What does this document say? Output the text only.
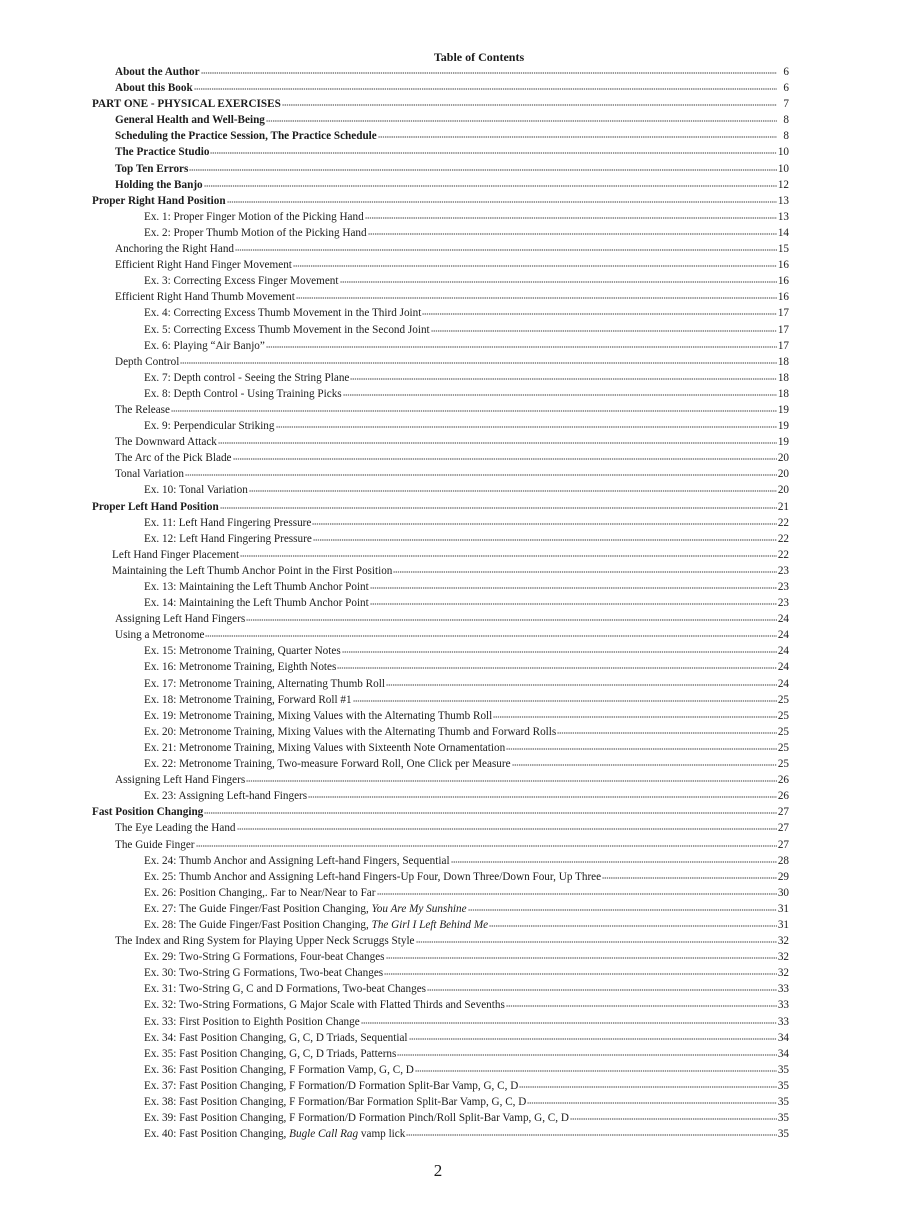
Table of Contents
About the Author	6
About this Book	6
PART ONE - PHYSICAL EXERCISES	7
General Health and Well-Being	8
Scheduling the Practice Session, The Practice Schedule	8
The Practice Studio	10
Top Ten Errors	10
Holding the Banjo	12
Proper Right Hand Position	13
Ex. 1: Proper Finger Motion of the Picking Hand	13
Ex. 2: Proper Thumb Motion of the Picking Hand	14
Anchoring the Right Hand	15
Efficient Right Hand Finger Movement	16
Ex. 3: Correcting Excess Finger Movement	16
Efficient Right Hand Thumb Movement	16
Ex. 4: Correcting Excess Thumb Movement in the Third Joint	17
Ex. 5: Correcting Excess Thumb Movement in the Second Joint	17
Ex. 6: Playing “Air Banjo”	17
Depth Control	18
Ex. 7: Depth control - Seeing the String Plane	18
Ex. 8: Depth Control - Using Training Picks	18
The Release	19
Ex. 9: Perpendicular Striking	19
The Downward Attack	19
The Arc of the Pick Blade	20
Tonal Variation	20
Ex. 10: Tonal Variation	20
Proper Left Hand Position	21
Ex. 11: Left Hand Fingering Pressure	22
Ex. 12: Left Hand Fingering Pressure	22
Left Hand Finger Placement	22
Maintaining the Left Thumb Anchor Point in the First Position	23
Ex. 13: Maintaining the Left Thumb Anchor Point	23
Ex. 14: Maintaining the Left Thumb Anchor Point	23
Assigning Left Hand Fingers	24
Using a Metronome	24
Ex. 15: Metronome Training, Quarter Notes	24
Ex. 16: Metronome Training, Eighth Notes	24
Ex. 17: Metronome Training, Alternating Thumb Roll	24
Ex. 18: Metronome Training, Forward Roll #1	25
Ex. 19: Metronome Training, Mixing Values with the Alternating Thumb Roll	25
Ex. 20: Metronome Training, Mixing Values with the Alternating Thumb and Forward Rolls	25
Ex. 21: Metronome Training, Mixing Values with Sixteenth Note Ornamentation	25
Ex. 22: Metronome Training, Two-measure Forward Roll, One Click per Measure	25
Assigning Left Hand Fingers	26
Ex. 23: Assigning Left-hand Fingers	26
Fast Position Changing	27
The Eye Leading the Hand	27
The Guide Finger	27
Ex. 24: Thumb Anchor and Assigning Left-hand Fingers, Sequential	28
Ex. 25: Thumb Anchor and Assigning Left-hand Fingers-Up Four, Down Three/Down Four, Up Three	29
Ex. 26: Position Changing,. Far to Near/Near to Far	30
Ex. 27: The Guide Finger/Fast Position Changing, You Are My Sunshine	31
Ex. 28: The Guide Finger/Fast Position Changing, The Girl I Left Behind Me	31
The Index and Ring System for Playing Upper Neck Scruggs Style	32
Ex. 29: Two-String G Formations, Four-beat Changes	32
Ex. 30: Two-String G Formations, Two-beat Changes	32
Ex. 31: Two-String G, C and D Formations, Two-beat Changes	33
Ex. 32: Two-String Formations, G Major Scale with Flatted Thirds and Sevenths	33
Ex. 33: First Position to Eighth Position Change	33
Ex. 34: Fast Position Changing, G, C, D Triads, Sequential	34
Ex. 35: Fast Position Changing, G, C, D Triads, Patterns	34
Ex. 36: Fast Position Changing, F Formation Vamp, G, C, D	35
Ex. 37: Fast Position Changing, F Formation/D Formation Split-Bar Vamp, G, C, D	35
Ex. 38: Fast Position Changing, F Formation/Bar Formation Split-Bar Vamp, G, C, D	35
Ex. 39: Fast Position Changing, F Formation/D Formation Pinch/Roll Split-Bar Vamp, G, C, D	35
Ex. 40: Fast Position Changing, Bugle Call Rag vamp lick	35
2
